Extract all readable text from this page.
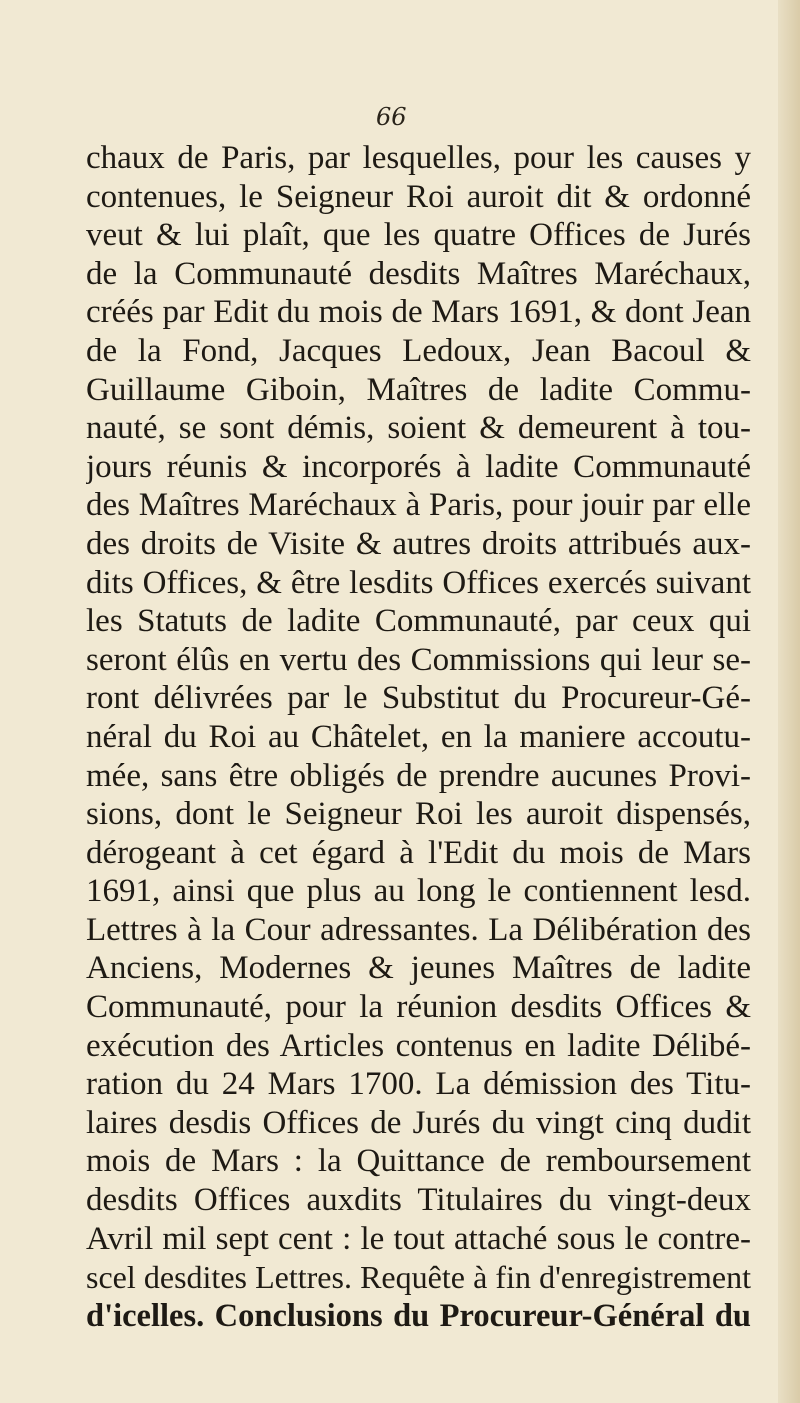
66
chaux de Paris, par lesquelles, pour les causes y
contenues, le Seigneur Roi auroit dit & ordonné
veut & lui plaît, que les quatre Offices de Jurés
de la Communauté desdits Maîtres Maréchaux,
créés par Edit du mois de Mars 1691, & dont Jean
de la Fond, Jacques Ledoux, Jean Bacoul &
Guillaume Giboin, Maîtres de ladite Commu-
nauté, se sont démis, soient & demeurent à tou-
jours réunis & incorporés à ladite Communauté
des Maîtres Maréchaux à Paris, pour jouir par elle
des droits de Visite & autres droits attribués aux-
dits Offices, & être lesdits Offices exercés suivant
les Statuts de ladite Communauté, par ceux qui
seront élûs en vertu des Commissions qui leur se-
ront délivrées par le Substitut du Procureur-Gé-
néral du Roi au Châtelet, en la maniere accoutu-
mée, sans être obligés de prendre aucunes Provi-
sions, dont le Seigneur Roi les auroit dispensés,
dérogeant à cet égard à l'Edit du mois de Mars
1691, ainsi que plus au long le contiennent lesd.
Lettres à la Cour adressantes. La Délibération des
Anciens, Modernes & jeunes Maîtres de ladite
Communauté, pour la réunion desdits Offices &
exécution des Articles contenus en ladite Délibé-
ration du 24 Mars 1700. La démission des Titu-
laires desdis Offices de Jurés du vingt cinq dudit
mois de Mars : la Quittance de remboursement
desdits Offices auxdits Titulaires du vingt-deux
Avril mil sept cent : le tout attaché sous le contre-
scel desdites Lettres. Requête à fin d'enregistrement
d'icelles. Conclusions du Procureur-Général du
